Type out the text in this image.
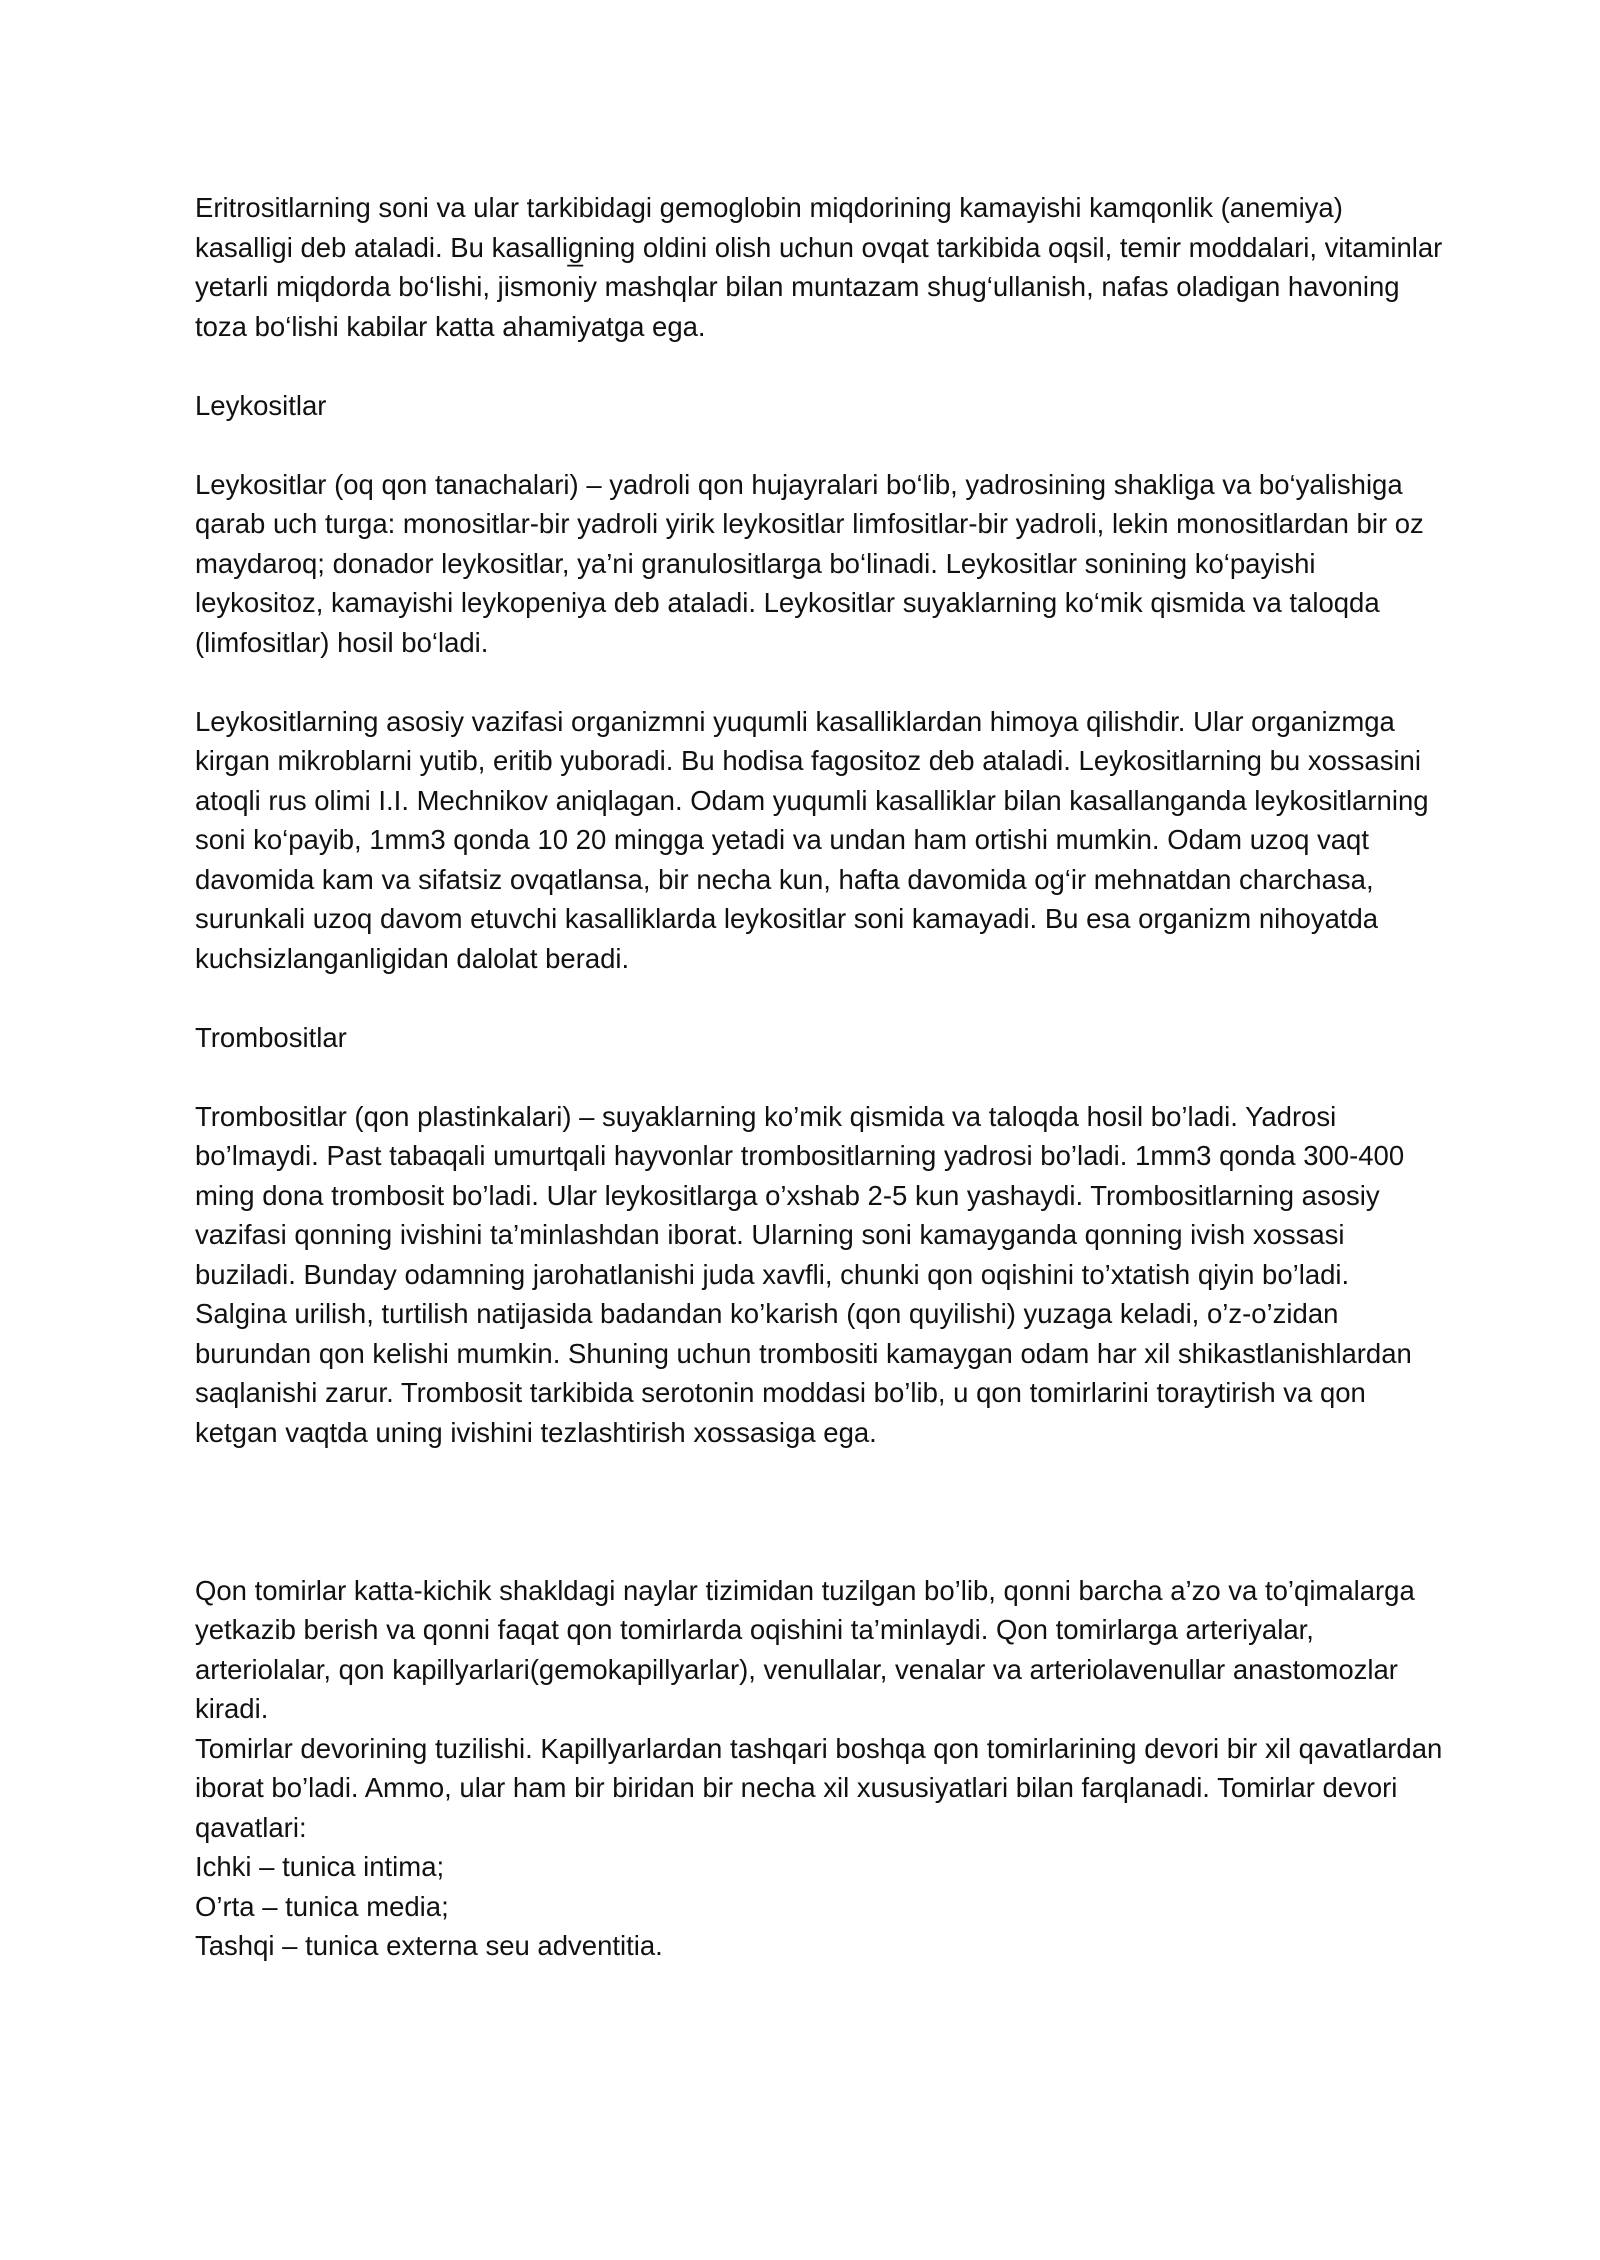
Eritrositlarning soni va ular tarkibidagi gemoglobin miqdorining kamayishi kamqonlik (anemiya) kasalligi deb ataladi. Bu kasallig̲ning oldini olish uchun ovqat tarkibida oqsil, temir moddalari, vitaminlar yetarli miqdorda bo‘lishi, jismoniy mashqlar bilan muntazam shug‘ullanish, nafas oladigan havoning toza bo‘lishi kabilar katta ahamiyatga ega.

Leykositlar

Leykositlar (oq qon tanachalari) – yadroli qon hujayralari bo‘lib, yadrosining shakliga va bo‘yalishiga qarab uch turga: monositlar-bir yadroli yirik leykositlar limfositlar-bir yadroli, lekin monositlardan bir oz maydaroq; donador leykositlar, ya’ni granulositlarga bo‘linadi. Leykositlar sonining ko‘payishi leykositoz, kamayishi leykopeniya deb ataladi. Leykositlar suyaklarning ko‘mik qismida va taloqda (limfositlar) hosil bo‘ladi.

Leykositlarning asosiy vazifasi organizmni yuqumli kasalliklardan himoya qilishdir. Ular organizmga kirgan mikroblarni yutib, eritib yuboradi. Bu hodisa fagositoz deb ataladi. Leykositlarning bu xossasini atoqli rus olimi I.I. Mechnikov aniqlagan. Odam yuqumli kasalliklar bilan kasallanganda leykositlarning soni ko‘payib, 1mm3 qonda 10 20 mingga yetadi va undan ham ortishi mumkin. Odam uzoq vaqt davomida kam va sifatsiz ovqatlansa, bir necha kun, hafta davomida og‘ir mehnatdan charchasa, surunkali uzoq davom etuvchi kasalliklarda leykositlar soni kamayadi. Bu esa organizm nihoyatda kuchsizlanganligidan dalolat beradi.

Trombositlar

Trombositlar (qon plastinkalari) – suyaklarning ko’mik qismida va taloqda hosil bo’ladi. Yadrosi bo’lmaydi. Past tabaqali umurtqali hayvonlar trombositlarning yadrosi bo’ladi. 1mm3 qonda 300-400 ming dona trombosit bo’ladi. Ular leykositlarga o’xshab 2-5 kun yashaydi. Trombositlarning asosiy vazifasi qonning ivishini ta’minlashdan iborat. Ularning soni kamayganda qonning ivish xossasi buziladi. Bunday odamning jarohatlanishi juda xavfli, chunki qon oqishini to’xtatish qiyin bo’ladi. Salgina urilish, turtilish natijasida badandan ko’karish (qon quyilishi) yuzaga keladi, o’z-o’zidan burundan qon kelishi mumkin. Shuning uchun trombositi kamaygan odam har xil shikastlanishlardan saqlanishi zarur. Trombosit tarkibida serotonin moddasi bo’lib, u qon tomirlarini toraytirish va qon ketgan vaqtda uning ivishini tezlashtirish xossasiga ega.

Qon tomirlar katta-kichik shakldagi naylar tizimidan tuzilgan bo’lib, qonni barcha a’zo va to’qimalarga yetkazib berish va qonni faqat qon tomirlarda oqishini ta’minlaydi. Qon tomirlarga arteriyalar, arteriolalar, qon kapillyarlari(gemokapillyarlar), venullalar, venalar va arteriolavenullar anastomozlar kiradi.

Tomirlar devorining tuzilishi. Kapillyarlardan tashqari boshqa qon tomirlarining devori bir xil qavatlardan iborat bo’ladi. Ammo, ular ham bir biridan bir necha xil xususiyatlari bilan farqlanadi. Tomirlar devori qavatlari:

Ichki – tunica intima;

O’rta – tunica media;

Tashqi – tunica externa seu adventitia.
